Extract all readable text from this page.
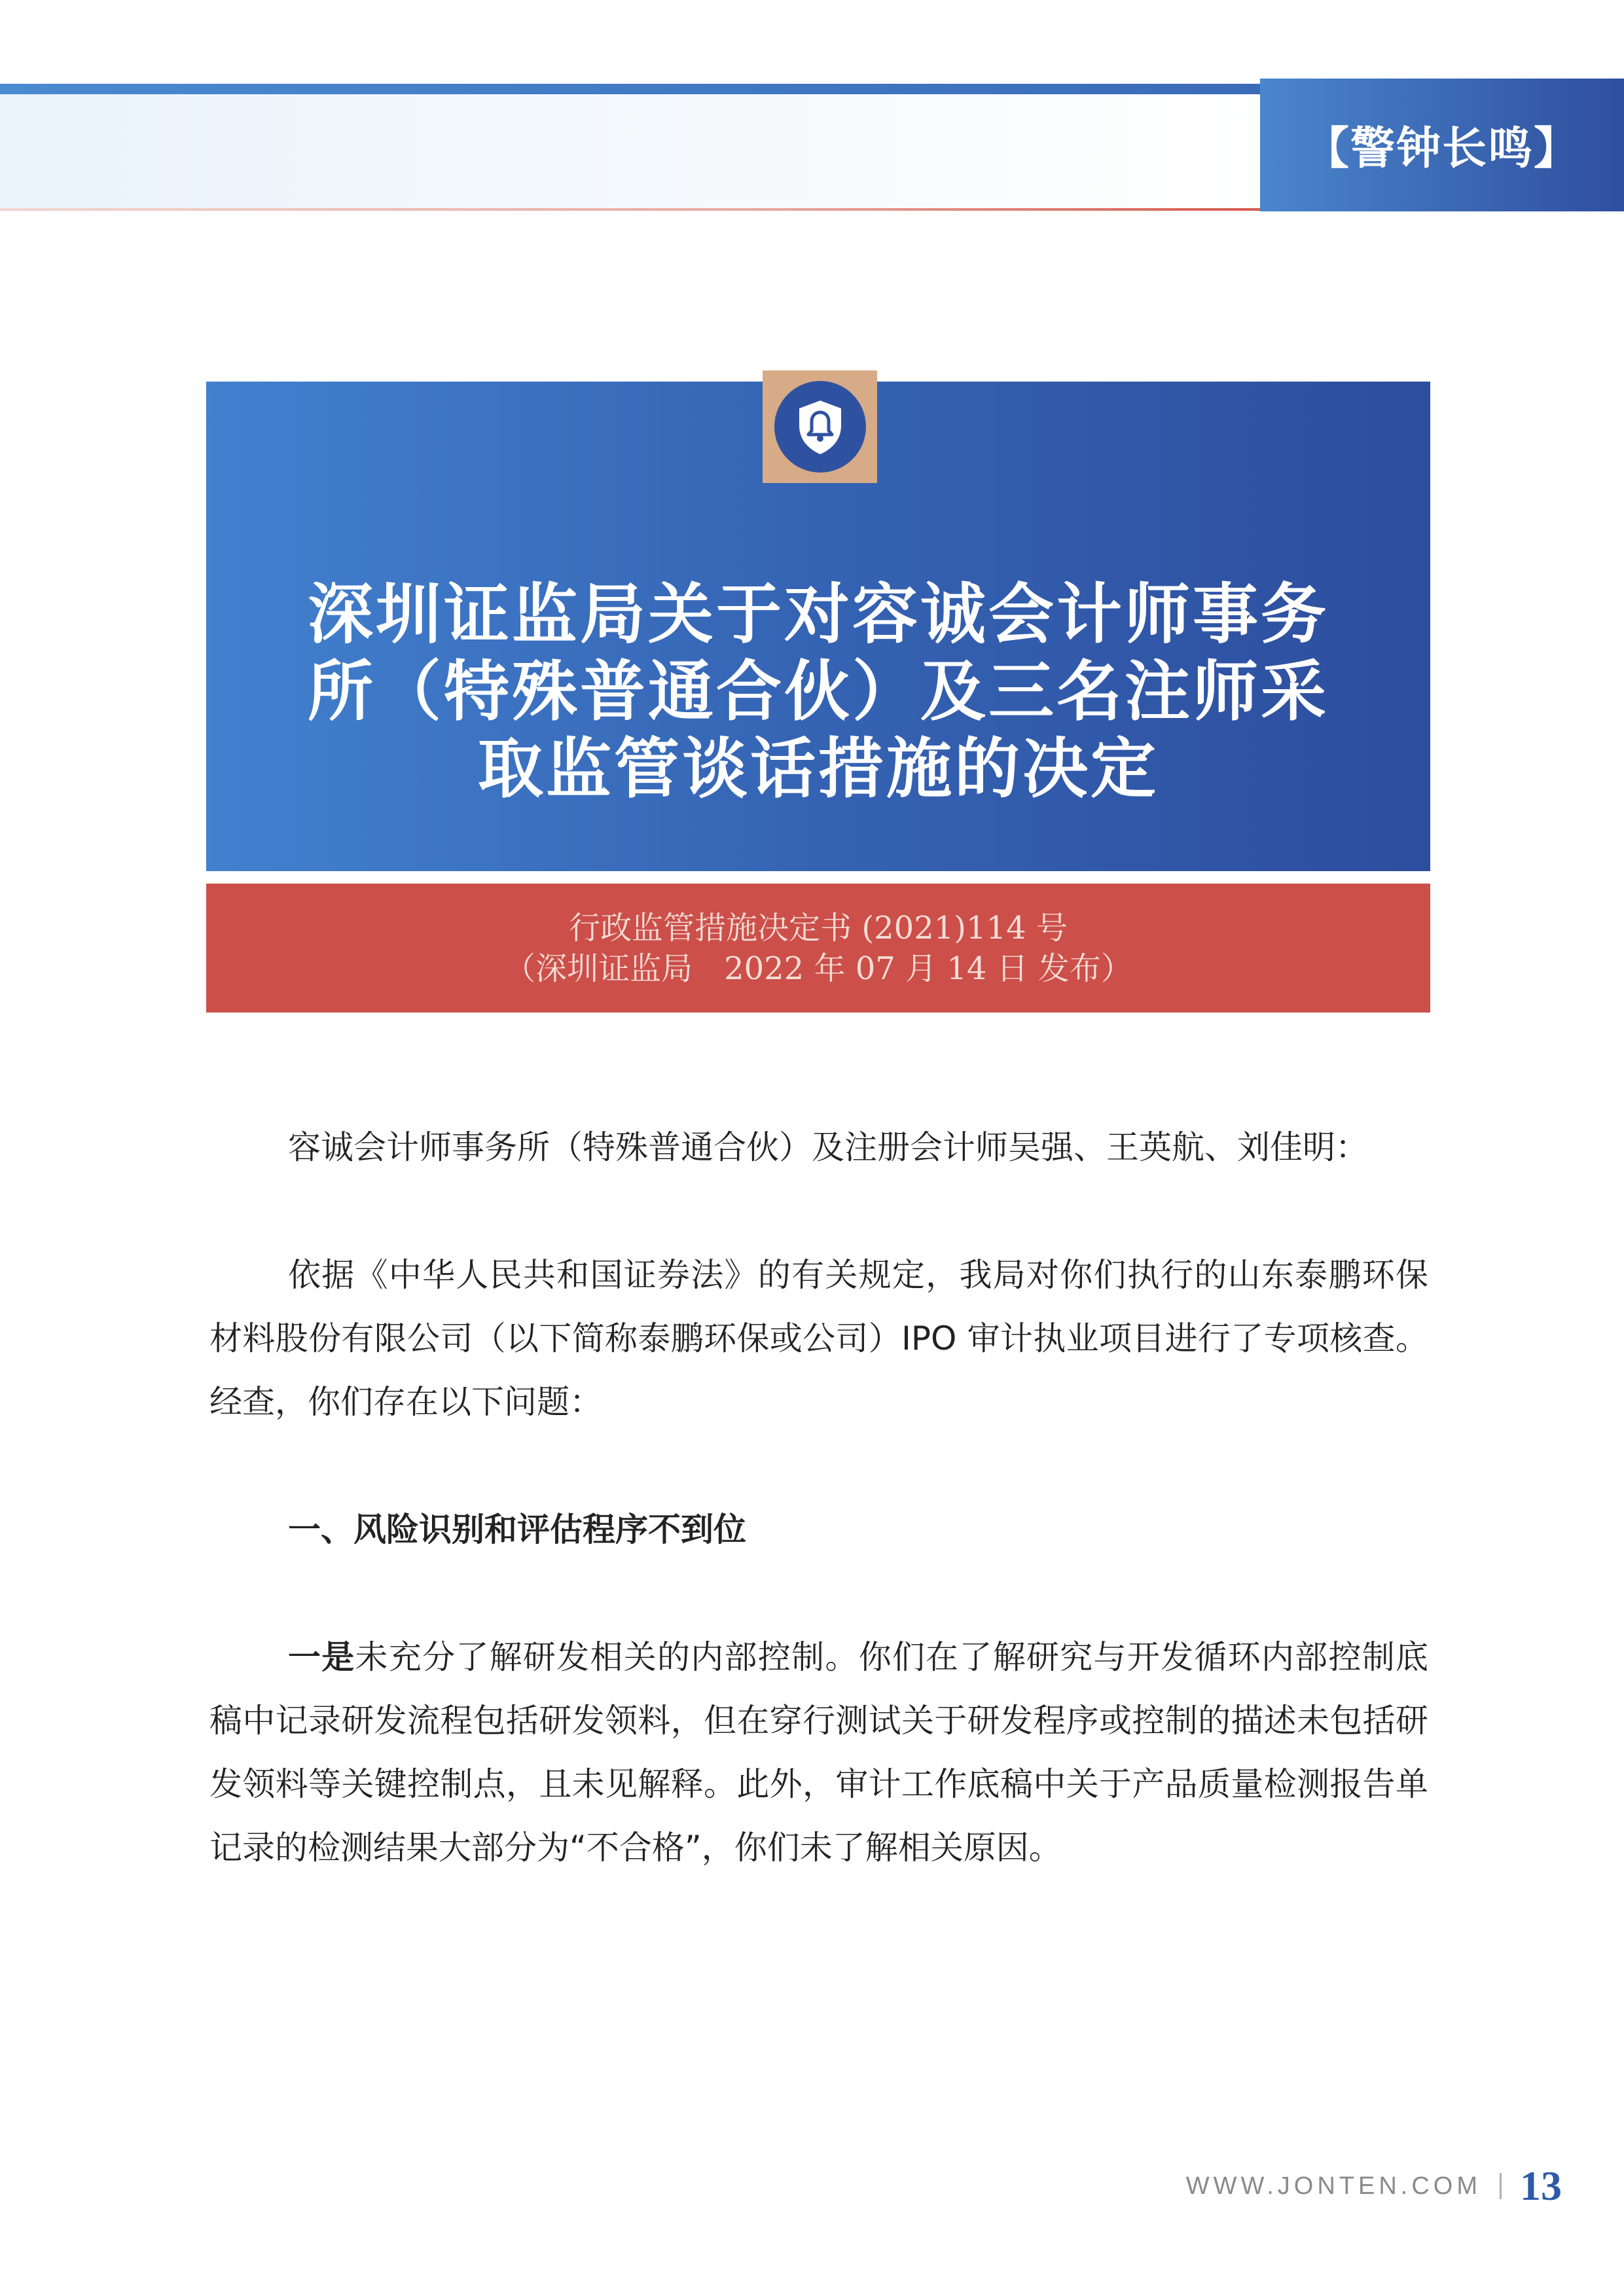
【警钟长鸣】
深圳证监局关于对容诚会计师事务
所（特殊普通合伙）及三名注师采
取监管谈话措施的决定
行政监管措施决定书 (2021)114 号
（深圳证监局　2022 年 07 月 14 日 发布）

容诚会计师事务所（特殊普通合伙）及注册会计师吴强、王英航、刘佳明：

依据《中华人民共和国证券法》的有关规定，我局对你们执行的山东泰鹏环保材料股份有限公司（以下简称泰鹏环保或公司）IPO 审计执业项目进行了专项核查。经查，你们存在以下问题：

一、风险识别和评估程序不到位

一是未充分了解研发相关的内部控制。你们在了解研究与开发循环内部控制底稿中记录研发流程包括研发领料，但在穿行测试关于研发程序或控制的描述未包括研发领料等关键控制点，且未见解释。此外，审计工作底稿中关于产品质量检测报告单记录的检测结果大部分为“不合格”，你们未了解相关原因。

WWW.JONTEN.COM 13
